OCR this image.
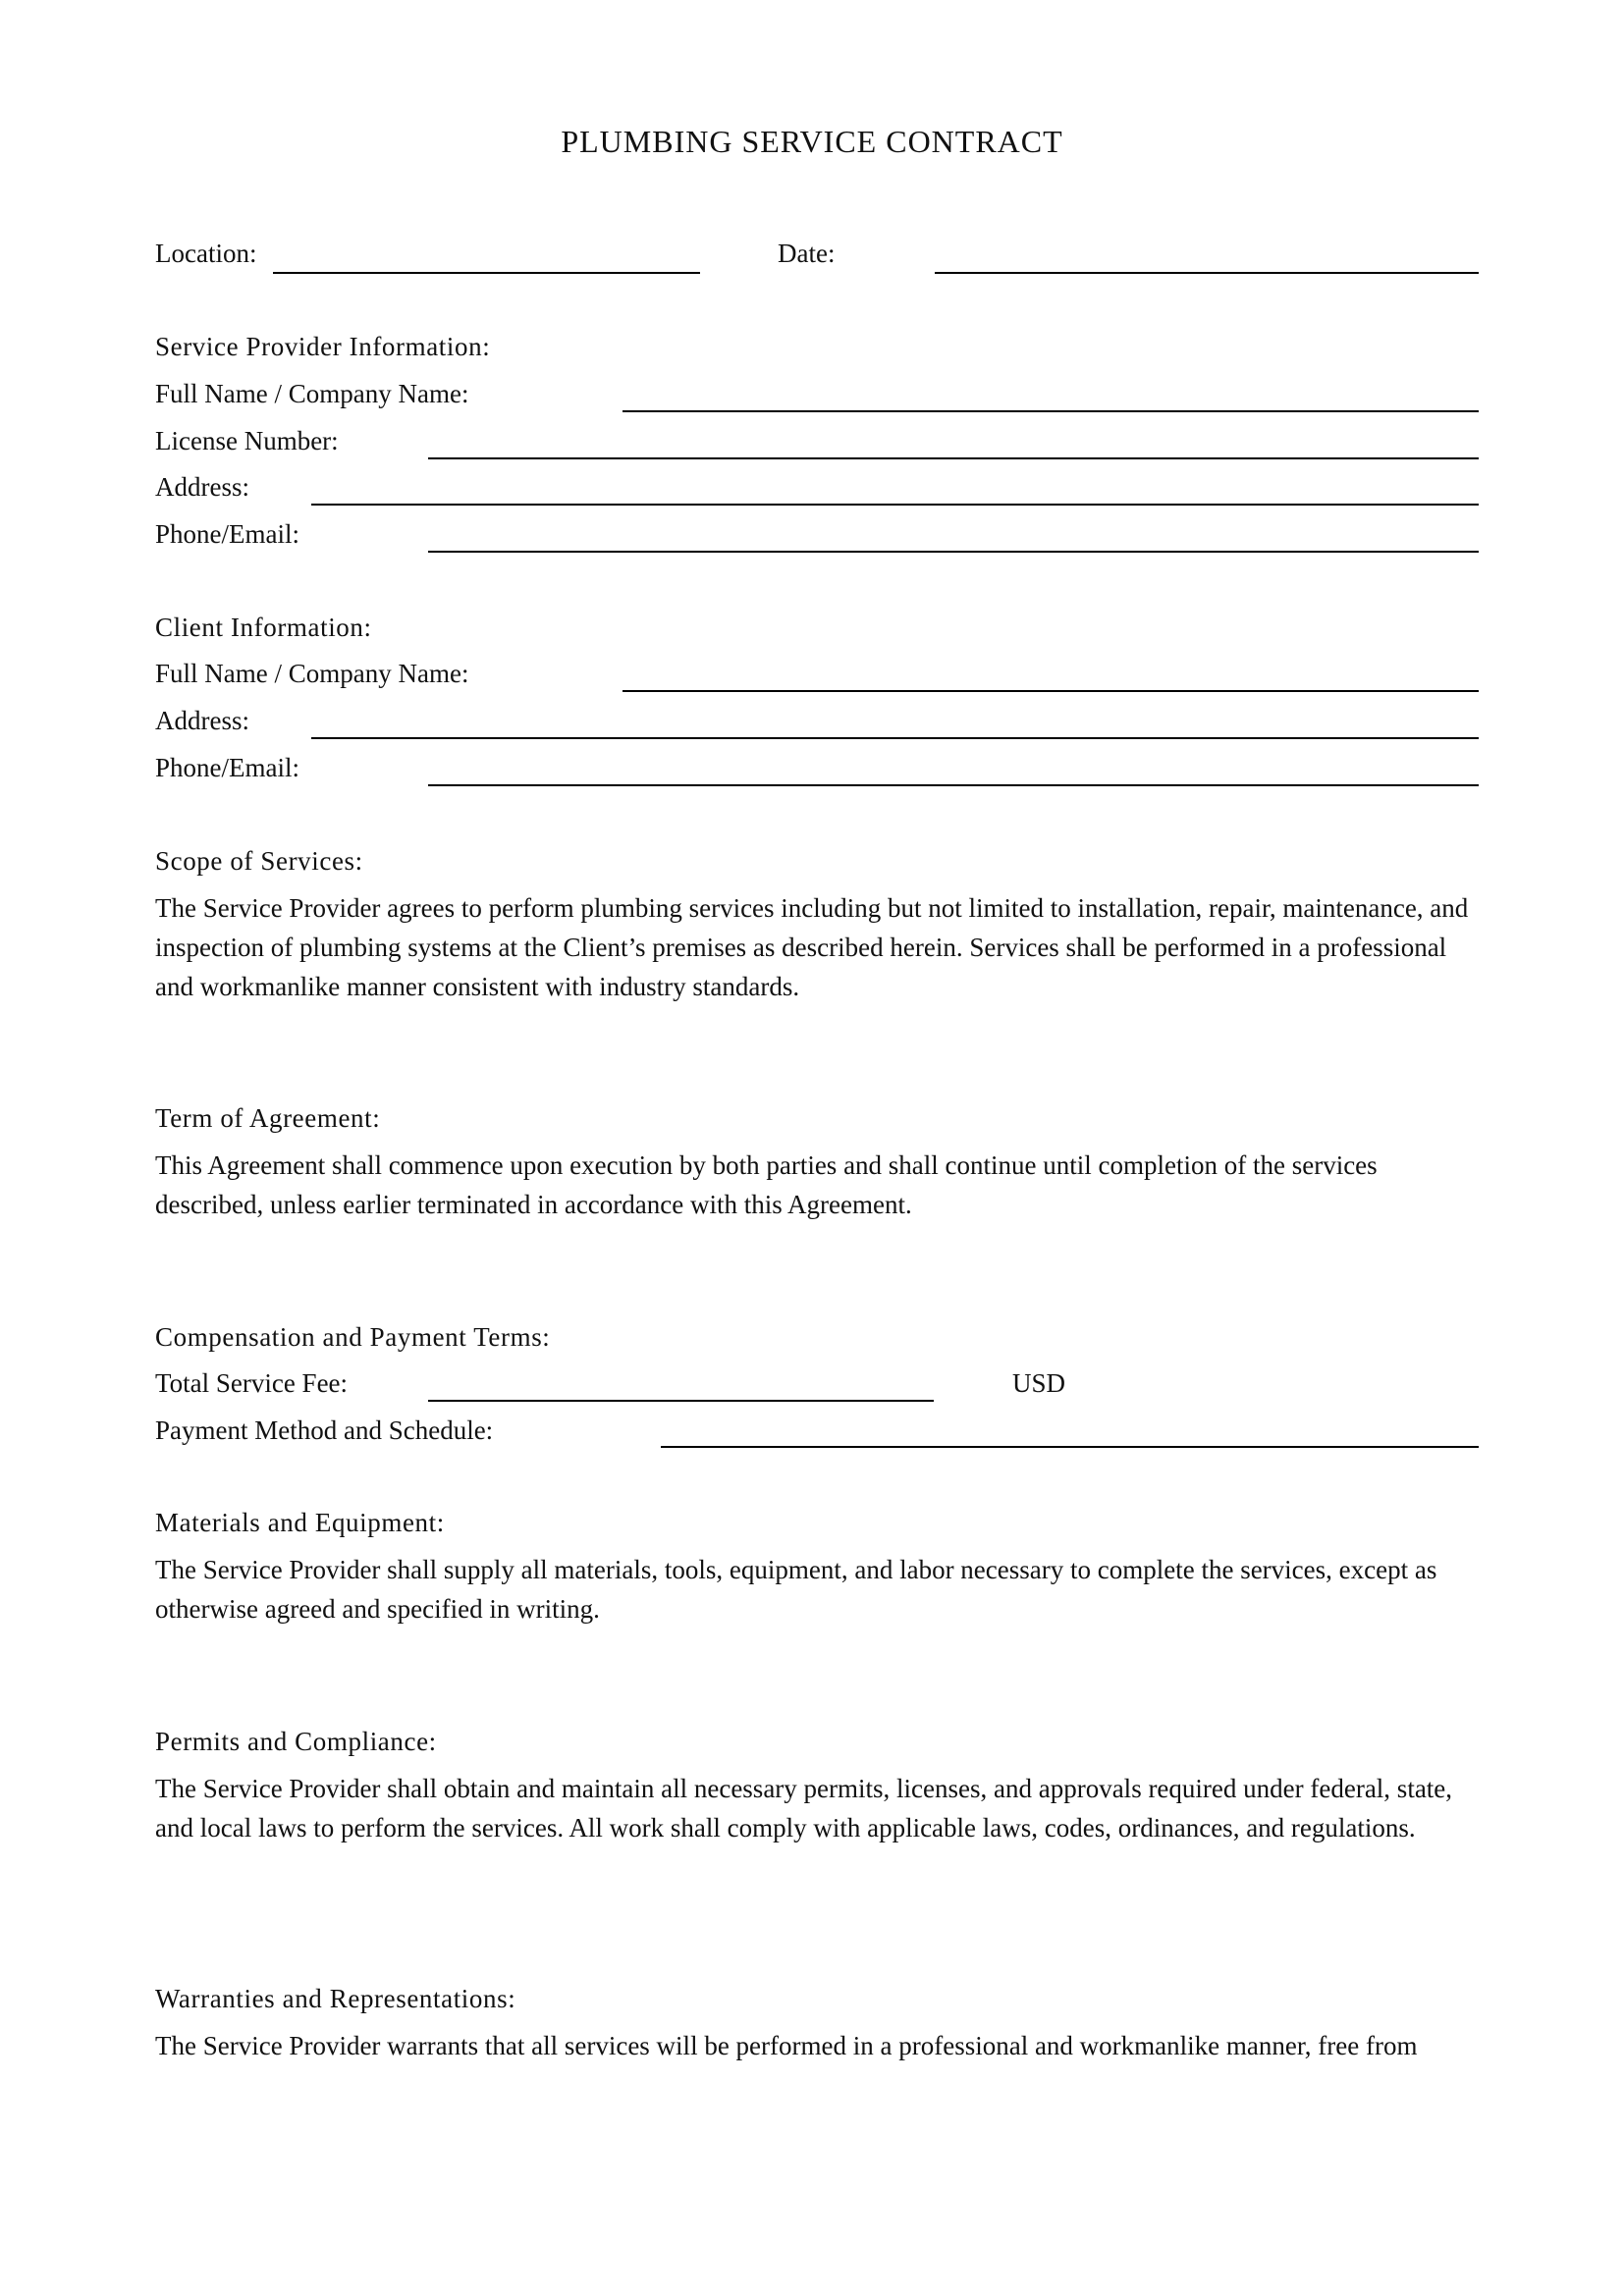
PLUMBING SERVICE CONTRACT
Location:	Date:
Service Provider Information:
Full Name / Company Name:
License Number:
Address:
Phone/Email:
Client Information:
Full Name / Company Name:
Address:
Phone/Email:
Scope of Services:
The Service Provider agrees to perform plumbing services including but not limited to installation, repair, maintenance, and inspection of plumbing systems at the Client’s premises as described herein. Services shall be performed in a professional and workmanlike manner consistent with industry standards.
Term of Agreement:
This Agreement shall commence upon execution by both parties and shall continue until completion of the services described, unless earlier terminated in accordance with this Agreement.
Compensation and Payment Terms:
Total Service Fee:	USD
Payment Method and Schedule:
Materials and Equipment:
The Service Provider shall supply all materials, tools, equipment, and labor necessary to complete the services, except as otherwise agreed and specified in writing.
Permits and Compliance:
The Service Provider shall obtain and maintain all necessary permits, licenses, and approvals required under federal, state, and local laws to perform the services. All work shall comply with applicable laws, codes, ordinances, and regulations.
Warranties and Representations:
The Service Provider warrants that all services will be performed in a professional and workmanlike manner, free from
